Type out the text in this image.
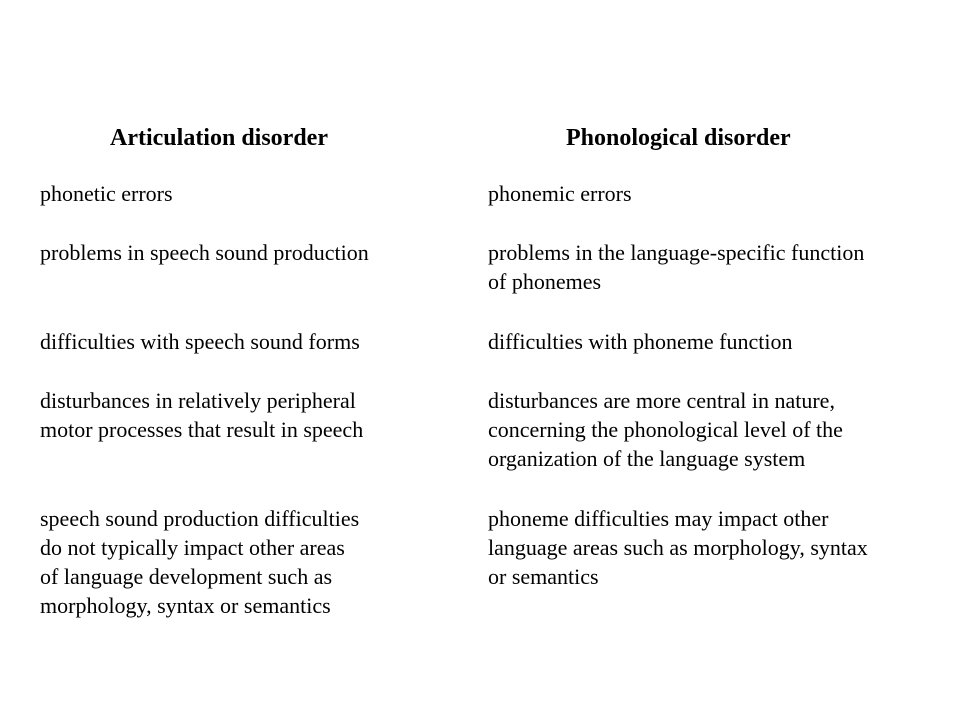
Articulation disorder
phonetic errors
problems in speech sound production
difficulties with speech sound forms
disturbances in relatively peripheral
motor processes that result in speech
speech sound production difficulties
do not typically impact other areas
of language development such as
morphology, syntax or semantics
Phonological disorder
phonemic errors
problems in the language-specific function
of phonemes
difficulties with phoneme function
disturbances are more central in nature,
concerning the phonological level of the
organization of the language system
phoneme difficulties may impact other
language areas such as morphology, syntax
or semantics
